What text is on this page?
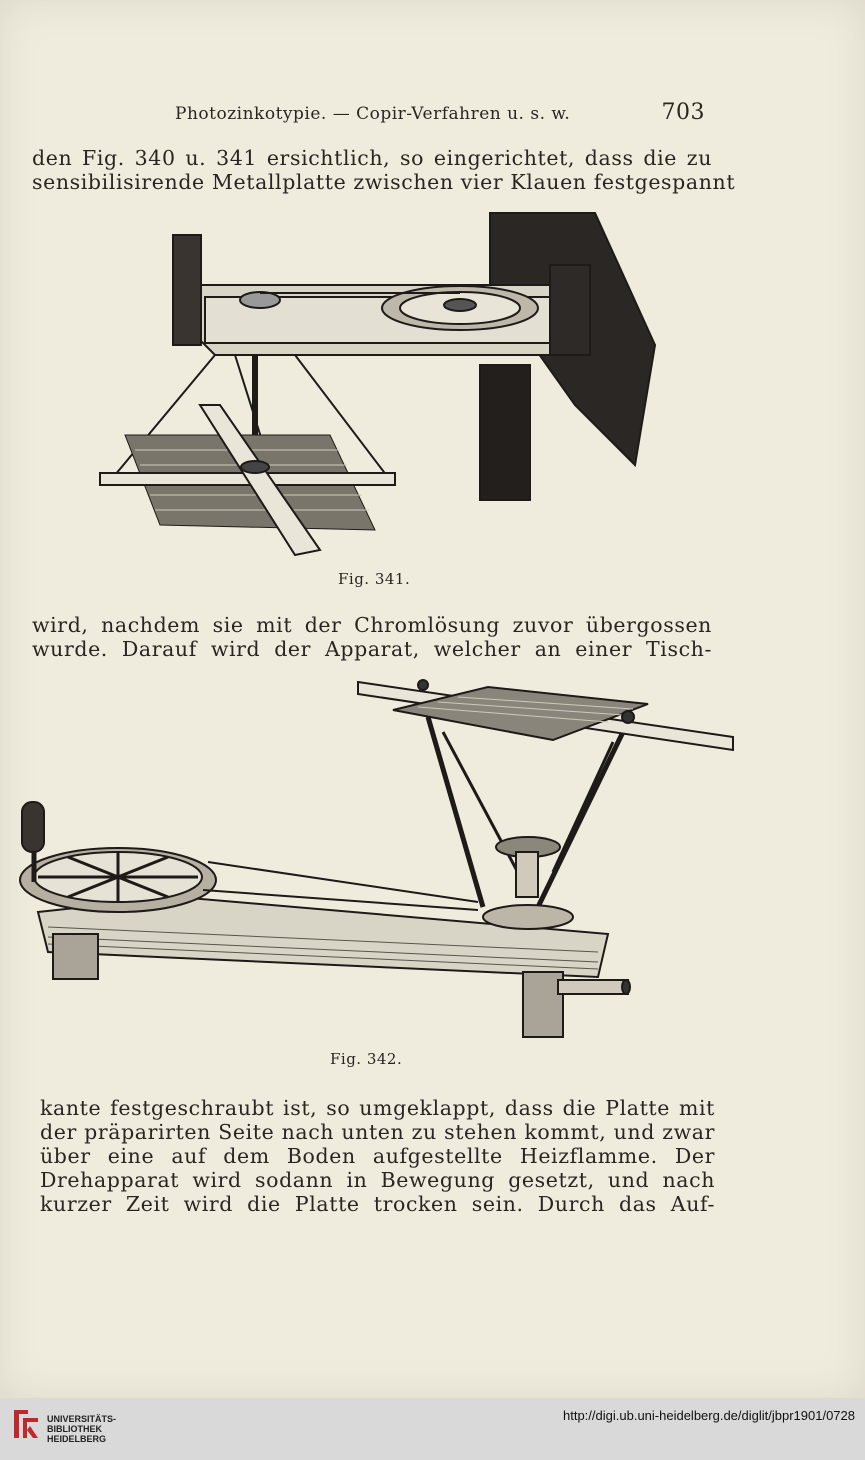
Photozinkotypie. — Copir-Verfahren u. s. w.	703
den Fig. 340 u. 341 ersichtlich, so eingerichtet, dass die zu
sensibilisirende Metallplatte zwischen vier Klauen festgespannt
Fig. 341.
wird, nachdem sie mit der Chromlösung zuvor übergossen
wurde. Darauf wird der Apparat, welcher an einer Tisch-
Fig. 342.
kante festgeschraubt ist, so umgeklappt, dass die Platte mit
der präparirten Seite nach unten zu stehen kommt, und zwar
über eine auf dem Boden aufgestellte Heizflamme. Der
Drehapparat wird sodann in Bewegung gesetzt, und nach
kurzer Zeit wird die Platte trocken sein. Durch das Auf-
UNIVERSITÄTS-
BIBLIOTHEK
HEIDELBERG
http://digi.ub.uni-heidelberg.de/diglit/jbpr1901/0728
